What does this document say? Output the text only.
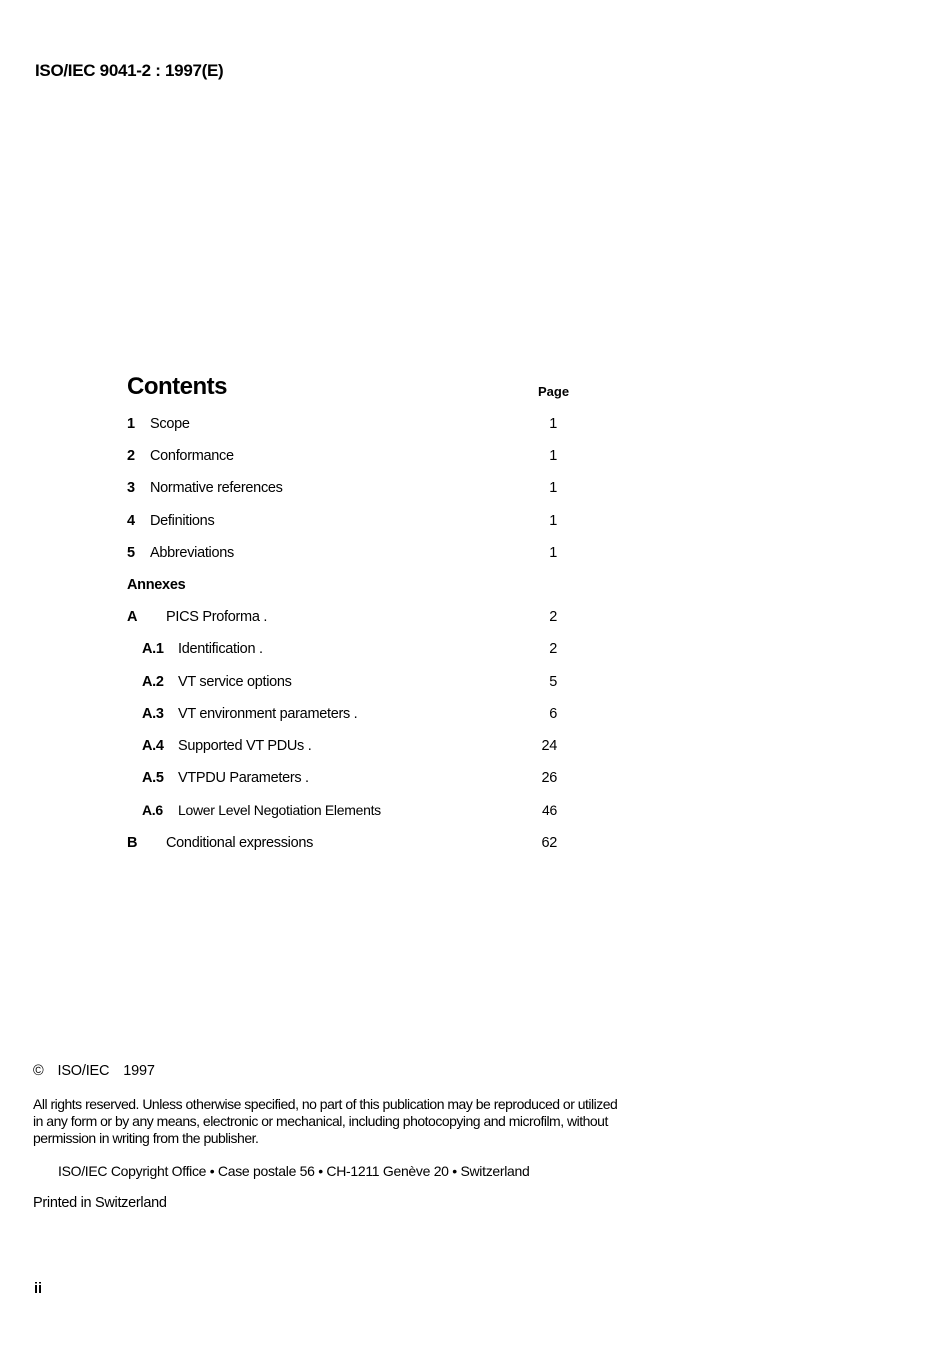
ISO/IEC 9041-2 : 1997(E)
Contents	Page
1 Scope	1
2 Conformance	1
3 Normative references	1
4 Definitions	1
5 Abbreviations	1
Annexes
A PICS Proforma .	2
A.1 Identification .	2
A.2 VT service options	5
A.3 VT environment parameters .	6
A.4 Supported VT PDUs .	24
A.5 VTPDU Parameters .	26
A.6 Lower Level Negotiation Elements	46
B Conditional expressions	62
© ISO/IEC 1997
All rights reserved. Unless otherwise specified, no part of this publication may be reproduced or utilized in any form or by any means, electronic or mechanical, including photocopying and microfilm, without permission in writing from the publisher.
ISO/IEC Copyright Office • Case postale 56 • CH-1211 Genève 20 • Switzerland
Printed in Switzerland
ii
